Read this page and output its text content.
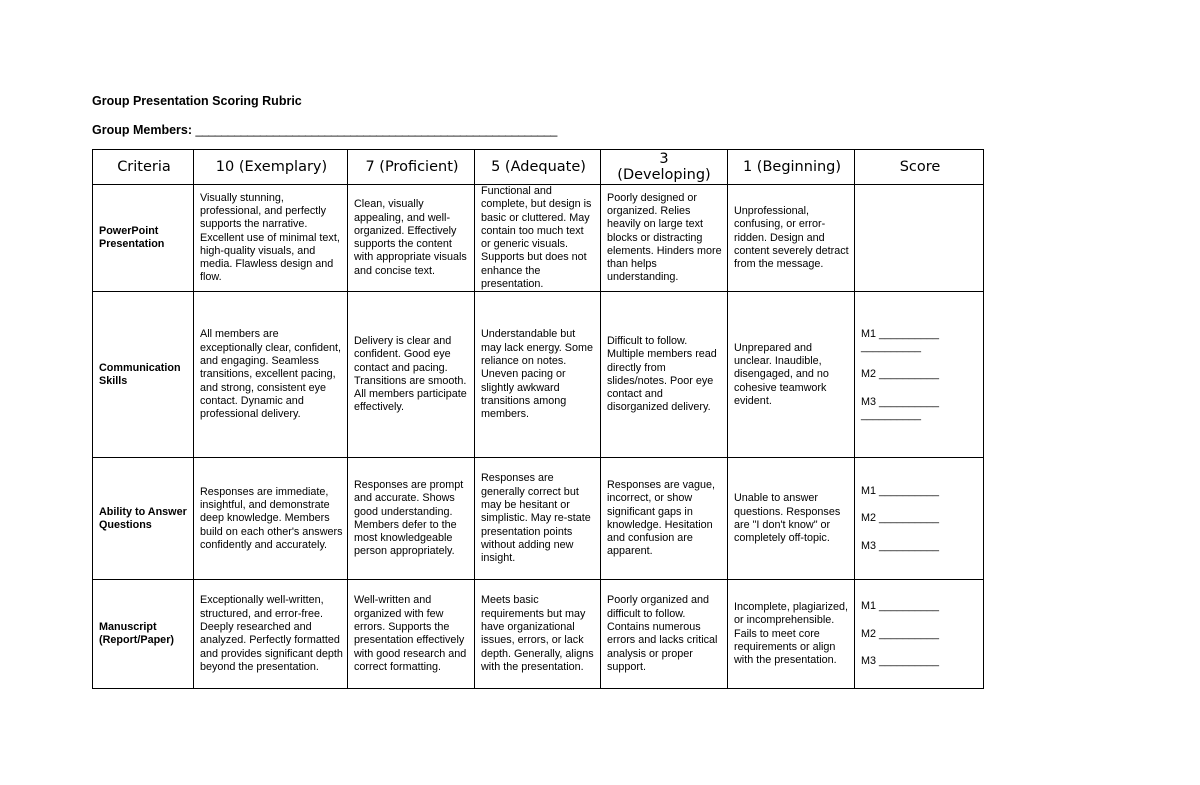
Group Presentation Scoring Rubric
Group Members: ________________________________________________________
Criteria	10 (Exemplary)	7 (Proficient)	5 (Adequate)	3 (Developing)	1 (Beginning)	Score
PowerPoint Presentation	Visually stunning, professional, and perfectly supports the narrative. Excellent use of minimal text, high-quality visuals, and media. Flawless design and flow.	Clean, visually appealing, and well-organized. Effectively supports the content with appropriate visuals and concise text.	Functional and complete, but design is basic or cluttered. May contain too much text or generic visuals. Supports but does not enhance the presentation.	Poorly designed or organized. Relies heavily on large text blocks or distracting elements. Hinders more than helps understanding.	Unprofessional, confusing, or error-ridden. Design and content severely detract from the message.	
Communication Skills	All members are exceptionally clear, confident, and engaging. Seamless transitions, excellent pacing, and strong, consistent eye contact. Dynamic and professional delivery.	Delivery is clear and confident. Good eye contact and pacing. Transitions are smooth. All members participate effectively.	Understandable but may lack energy. Some reliance on notes. Uneven pacing or slightly awkward transitions among members.	Difficult to follow. Multiple members read directly from slides/notes. Poor eye contact and disorganized delivery.	Unprepared and unclear. Inaudible, disengaged, and no cohesive teamwork evident.	M1 __________ __________
M2 __________
M3 __________ __________

Ability to Answer Questions	Responses are immediate, insightful, and demonstrate deep knowledge. Members build on each other's answers confidently and accurately.	Responses are prompt and accurate. Shows good understanding. Members defer to the most knowledgeable person appropriately.	Responses are generally correct but may be hesitant or simplistic. May re-state presentation points without adding new insight.	Responses are vague, incorrect, or show significant gaps in knowledge. Hesitation and confusion are apparent.	Unable to answer questions. Responses are "I don't know" or completely off-topic.	M1 __________
M2 __________
M3 __________

Manuscript (Report/Paper)	Exceptionally well-written, structured, and error-free. Deeply researched and analyzed. Perfectly formatted and provides significant depth beyond the presentation.	Well-written and organized with few errors. Supports the presentation effectively with good research and correct formatting.	Meets basic requirements but may have organizational issues, errors, or lack depth. Generally, aligns with the presentation.	Poorly organized and difficult to follow. Contains numerous errors and lacks critical analysis or proper support.	Incomplete, plagiarized, or incomprehensible. Fails to meet core requirements or align with the presentation.	M1 __________
M2 __________
M3 __________
